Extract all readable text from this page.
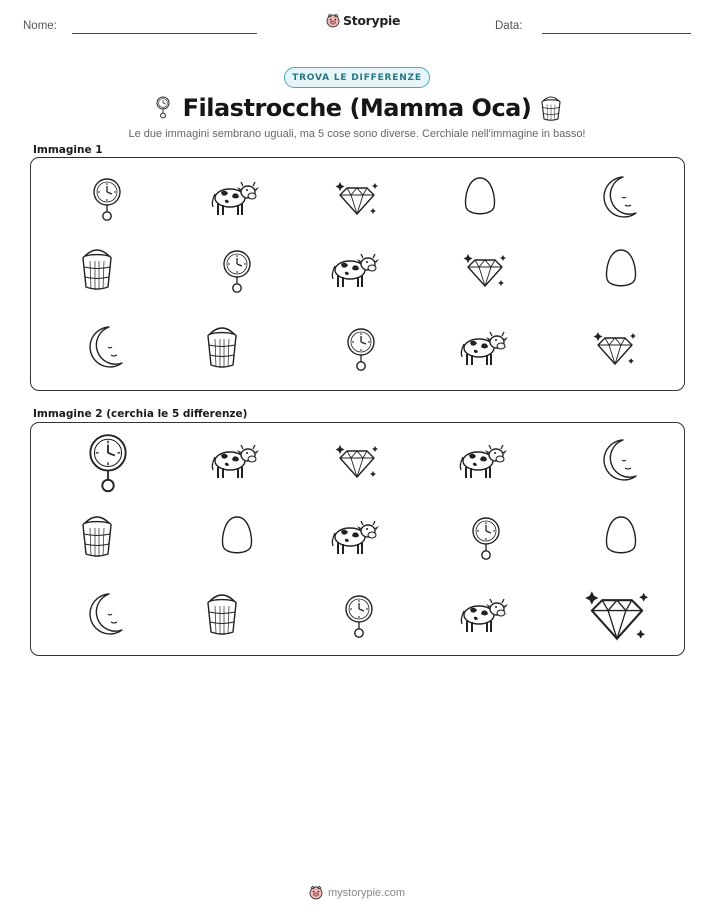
Nome:	Storypie	Data:
TROVA LE DIFFERENZE
Filastrocche (Mamma Oca)
Le due immagini sembrano uguali, ma 5 cose sono diverse. Cerchiale nell'immagine in basso!
Immagine 1
Immagine 2 (cerchia le 5 differenze)
mystorypie.com
